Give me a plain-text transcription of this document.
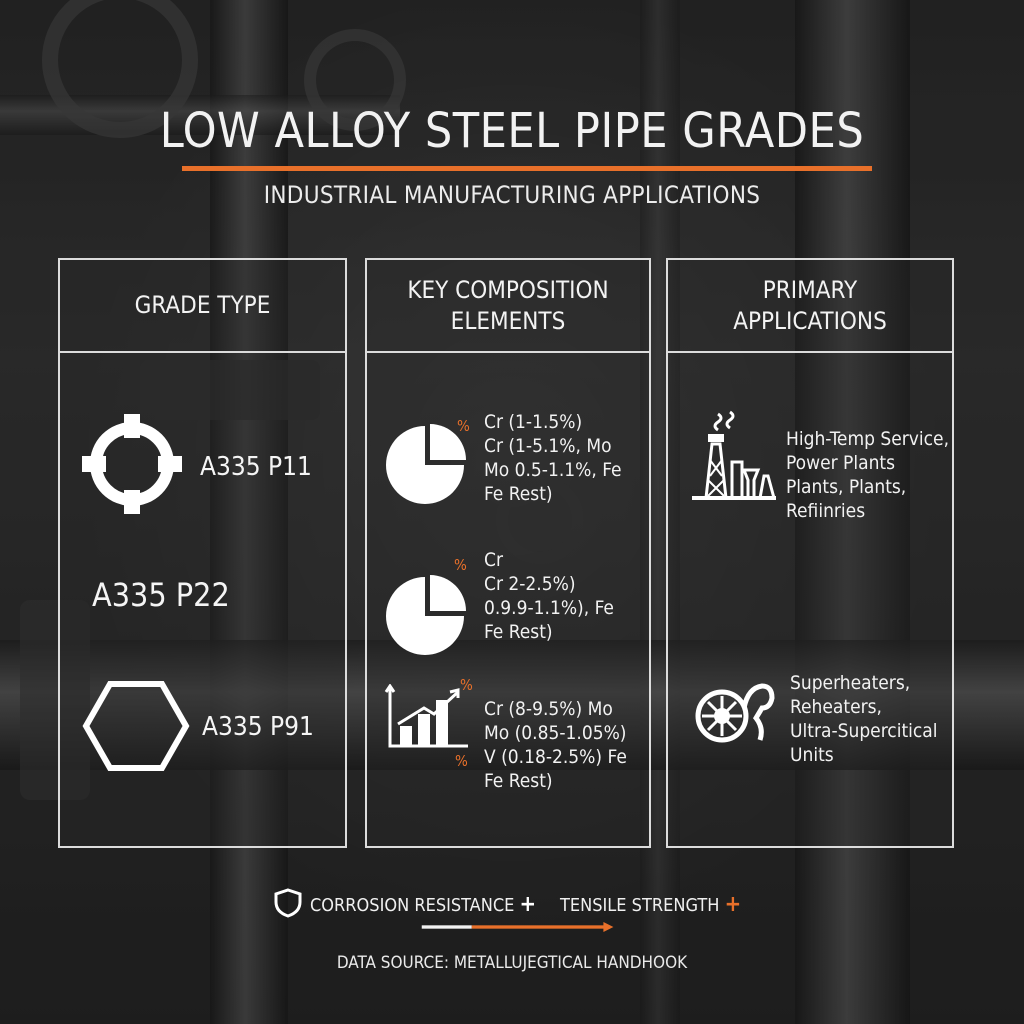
LOW ALLOY STEEL PIPE GRADES
INDUSTRIAL MANUFACTURING APPLICATIONS
GRADE TYPE
KEY COMPOSITION
ELEMENTS
PRIMARY
APPLICATIONS
A335 P11
A335 P22
A335 P91
% Cr (1-1.5%)
Cr (1-5.1%, Mo
Mo 0.5-1.1%, Fe
Fe Rest)
% Cr
Cr 2-2.5%)
0.9.9-1.1%), Fe
Fe Rest)
%
%
Cr (8-9.5%) Mo
Mo (0.85-1.05%)
V (0.18-2.5%) Fe
Fe Rest)
High-Temp Service,
Power Plants
Plants, Plants,
Refiinries
Superheaters,
Reheaters,
Ultra-Supercitical
Units
CORROSION RESISTANCE + TENSILE STRENGTH +
DATA SOURCE: METALLUJEGTICAL HANDHOOK
